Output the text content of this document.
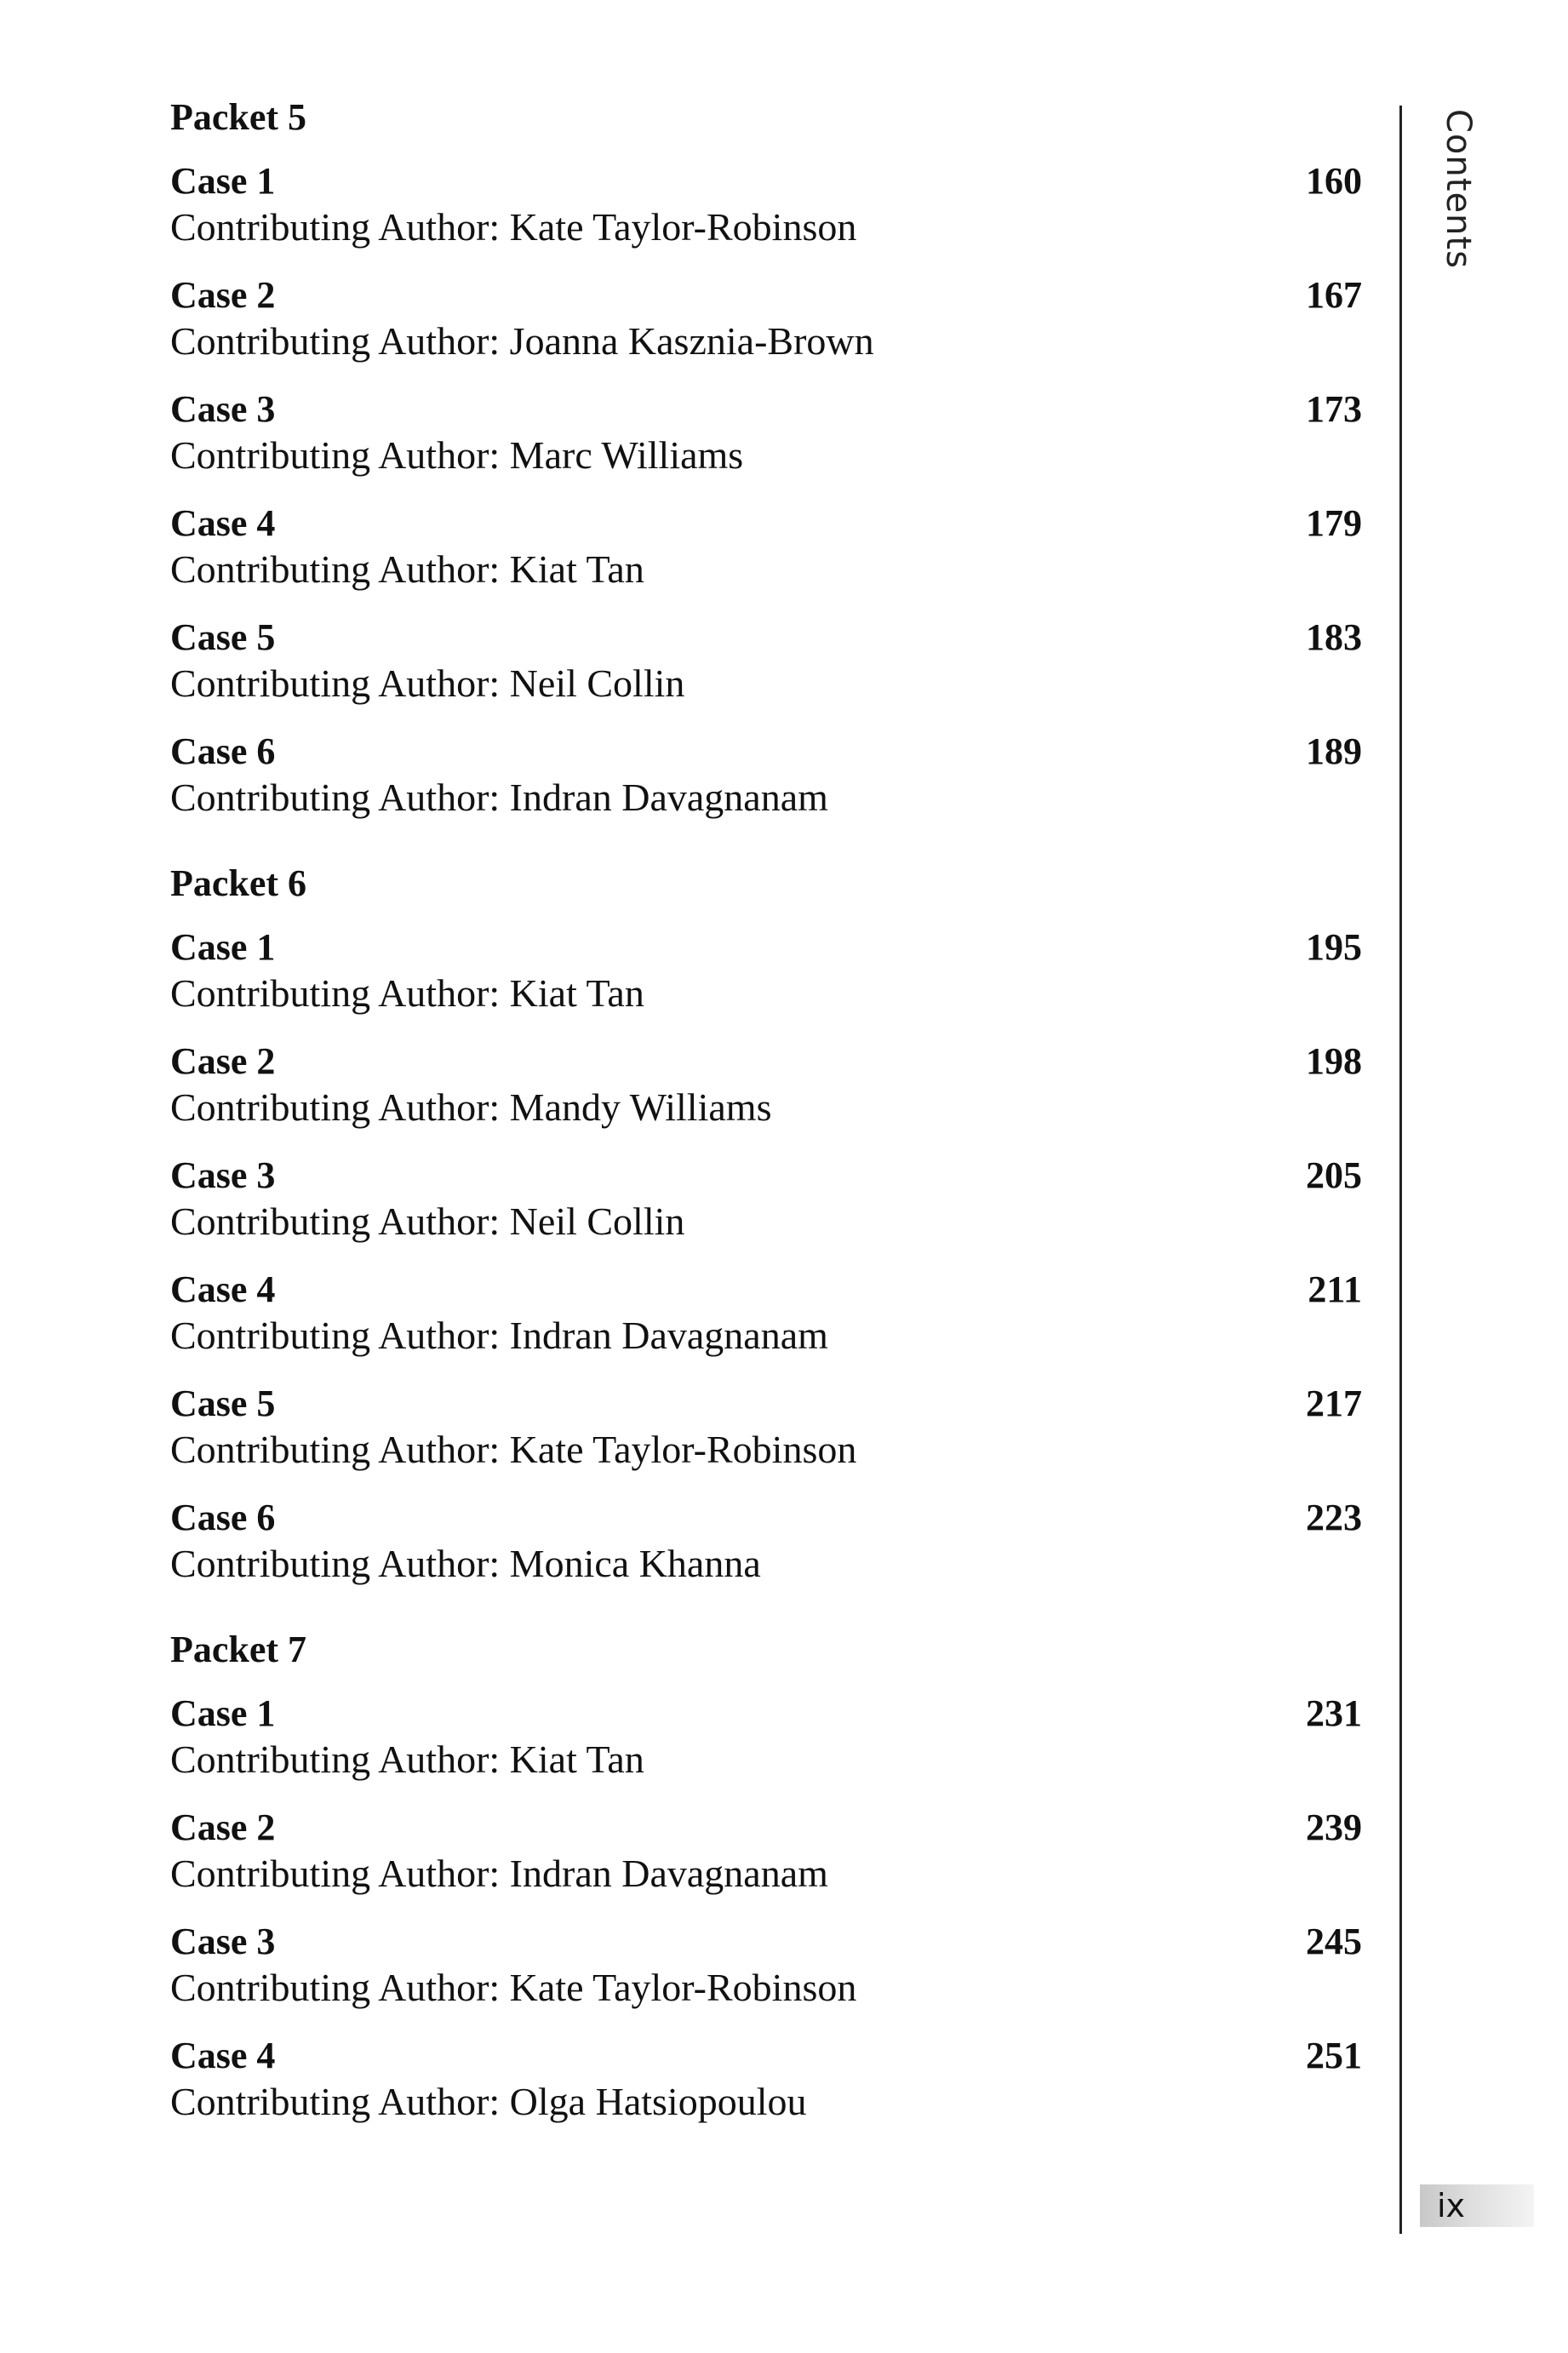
Packet 5
Case 1	160
Contributing Author: Kate Taylor-Robinson
Case 2	167
Contributing Author: Joanna Kasznia-Brown
Case 3	173
Contributing Author: Marc Williams
Case 4	179
Contributing Author: Kiat Tan
Case 5	183
Contributing Author: Neil Collin
Case 6	189
Contributing Author: Indran Davagnanam
Packet 6
Case 1	195
Contributing Author: Kiat Tan
Case 2	198
Contributing Author: Mandy Williams
Case 3	205
Contributing Author: Neil Collin
Case 4	211
Contributing Author: Indran Davagnanam
Case 5	217
Contributing Author: Kate Taylor-Robinson
Case 6	223
Contributing Author: Monica Khanna
Packet 7
Case 1	231
Contributing Author: Kiat Tan
Case 2	239
Contributing Author: Indran Davagnanam
Case 3	245
Contributing Author: Kate Taylor-Robinson
Case 4	251
Contributing Author: Olga Hatsiopoulou
Contents
ix
